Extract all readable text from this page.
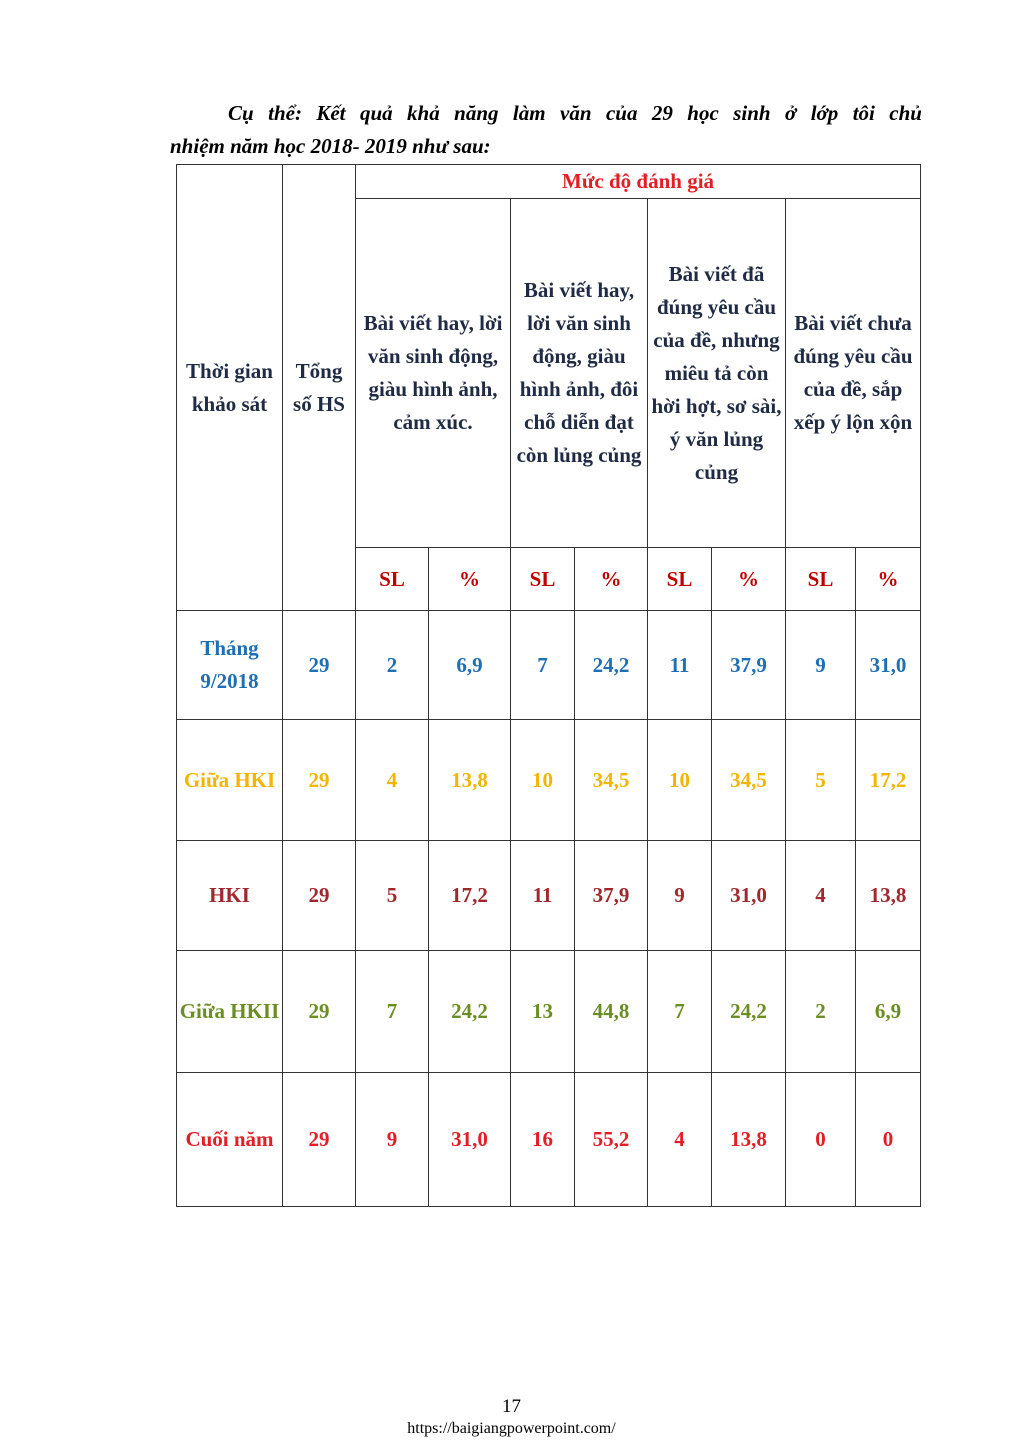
Cụ thể: Kết quả khả năng làm văn của 29 học sinh ở lớp tôi chủ
nhiệm năm học 2018- 2019 như sau:
Thời gian khảo sát	Tổng số HS	Mức độ đánh giá							
		Bài viết hay, lời văn sinh động, giàu hình ảnh, cảm xúc.		Bài viết hay, lời văn sinh động, giàu hình ảnh, đôi chỗ diễn đạt còn lủng củng		Bài viết đã đúng yêu cầu của đề, nhưng miêu tả còn hời hợt, sơ sài, ý văn lủng củng		Bài viết chưa đúng yêu cầu của đề, sắp xếp ý lộn xộn	
		SL	%	SL	%	SL	%	SL	%
Tháng 9/2018	29	2	6,9	7	24,2	11	37,9	9	31,0
Giữa HKI	29	4	13,8	10	34,5	10	34,5	5	17,2
HKI	29	5	17,2	11	37,9	9	31,0	4	13,8
Giữa HKII	29	7	24,2	13	44,8	7	24,2	2	6,9
Cuối năm	29	9	31,0	16	55,2	4	13,8	0	0
17
https://baigiangpowerpoint.com/
